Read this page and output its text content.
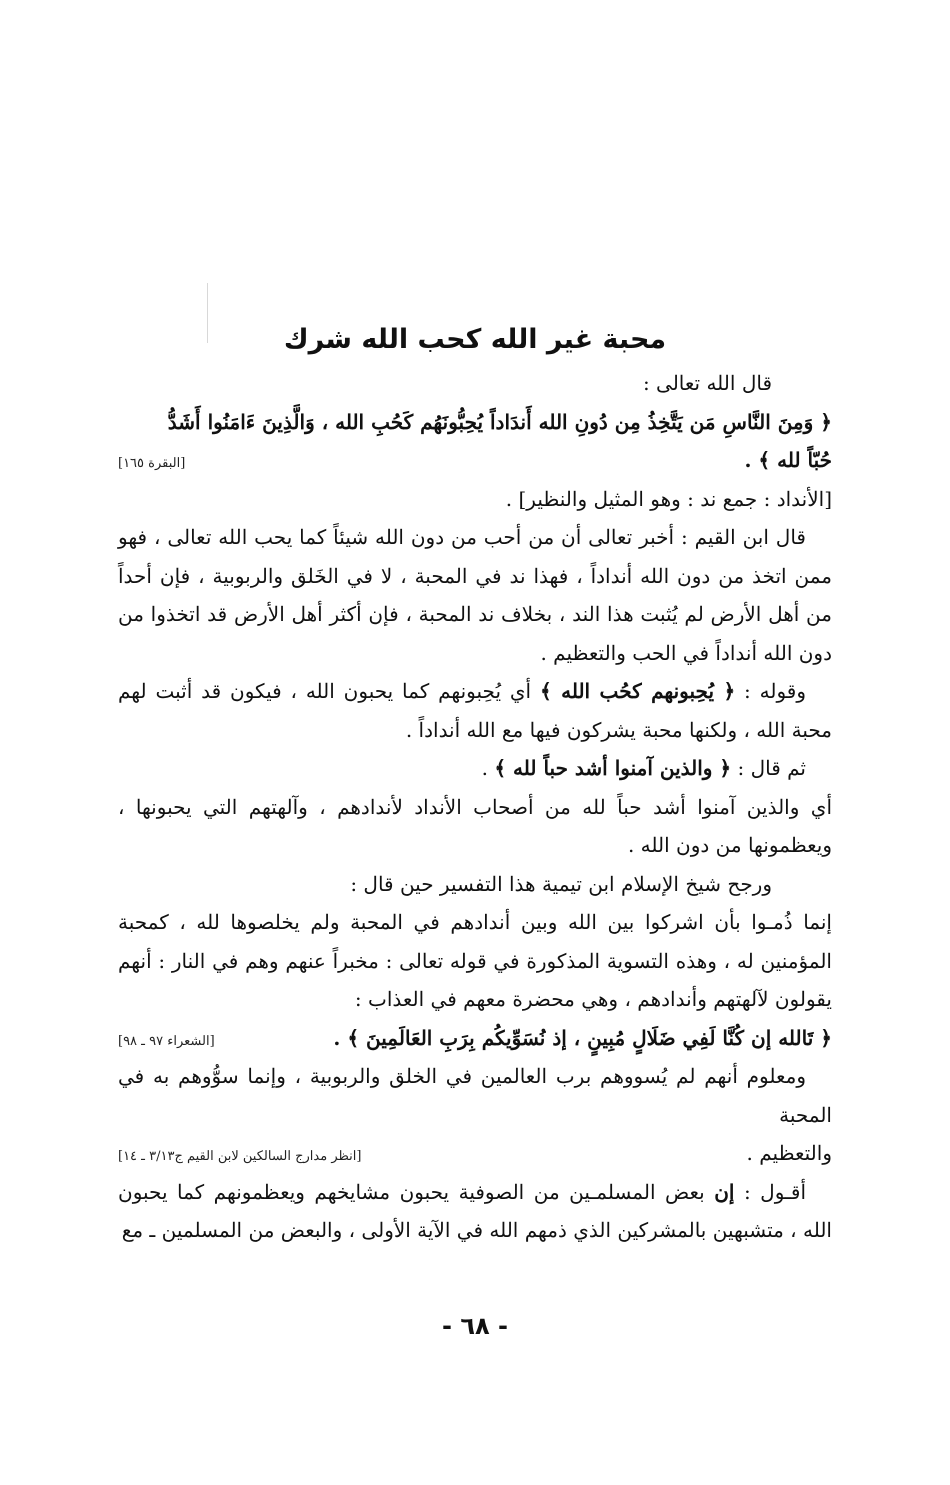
محبة غير الله كحب الله شرك

قال الله تعالى :

﴿ وَمِنَ النَّاسِ مَن يَتَّخِذُ مِن دُونِ الله أَندَاداً يُحِبُّونَهُم كَحُبِ الله ، وَالَّذِينَ ءَامَنُوا أَشَدُّ

حُبّاً لله ﴾ .
[البقرة ١٦٥]

[الأنداد : جمع ند : وهو المثيل والنظير] .

قال ابن القيم : أخبر تعالى أن من أحب من دون الله شيئاً كما يحب الله تعالى ، فهو ممن اتخذ من دون الله أنداداً ، فهذا ند في المحبة ، لا في الخَلق والربوبية ، فإن أحداً من أهل الأرض لم يُثبت هذا الند ، بخلاف ند المحبة ، فإن أكثر أهل الأرض قد اتخذوا من دون الله أنداداً في الحب والتعظيم .

وقوله : ﴿ يُحِبونهم كحُب الله ﴾ أي يُحِبونهم كما يحبون الله ، فيكون قد أثبت لهم محبة الله ، ولكنها محبة يشركون فيها مع الله أنداداً .

ثم قال : ﴿ والذين آمنوا أشد حباً لله ﴾ .

أي والذين آمنوا أشد حباً لله من أصحاب الأنداد لأندادهم ، وآلهتهم التي يحبونها ، ويعظمونها من دون الله .

ورجح شيخ الإسلام ابن تيمية هذا التفسير حين قال :

إنما ذُمـوا بأن اشركوا بين الله وبين أندادهم في المحبة ولم يخلصوها لله ، كمحبة المؤمنين له ، وهذه التسوية المذكورة في قوله تعالى : مخبراً عنهم وهم في النار : أنهم يقولون لآلهتهم وأندادهم ، وهي محضرة معهم في العذاب :

﴿ تَالله إن كُنَّا لَفِي ضَلَالٍ مُبِينٍ ، إذ نُسَوِّيكُم بِرَبِ العَالَمِينَ ﴾ .
[الشعراء ٩٧ ـ ٩٨]

ومعلوم أنهم لم يُسووهم برب العالمين في الخلق والربوبية ، وإنما سوُّوهم به في المحبة

والتعظيم .
[انظر مدارج السالكين لابن القيم ج٣/١٣ ـ ١٤]

أقـول : إن بعض المسلمـين من الصوفية يحبون مشايخهم ويعظمونهم كما يحبون الله ، متشبهين بالمشركين الذي ذمهم الله في الآية الأولى ، والبعض من المسلمين ـ مع

- ٦٨ -
